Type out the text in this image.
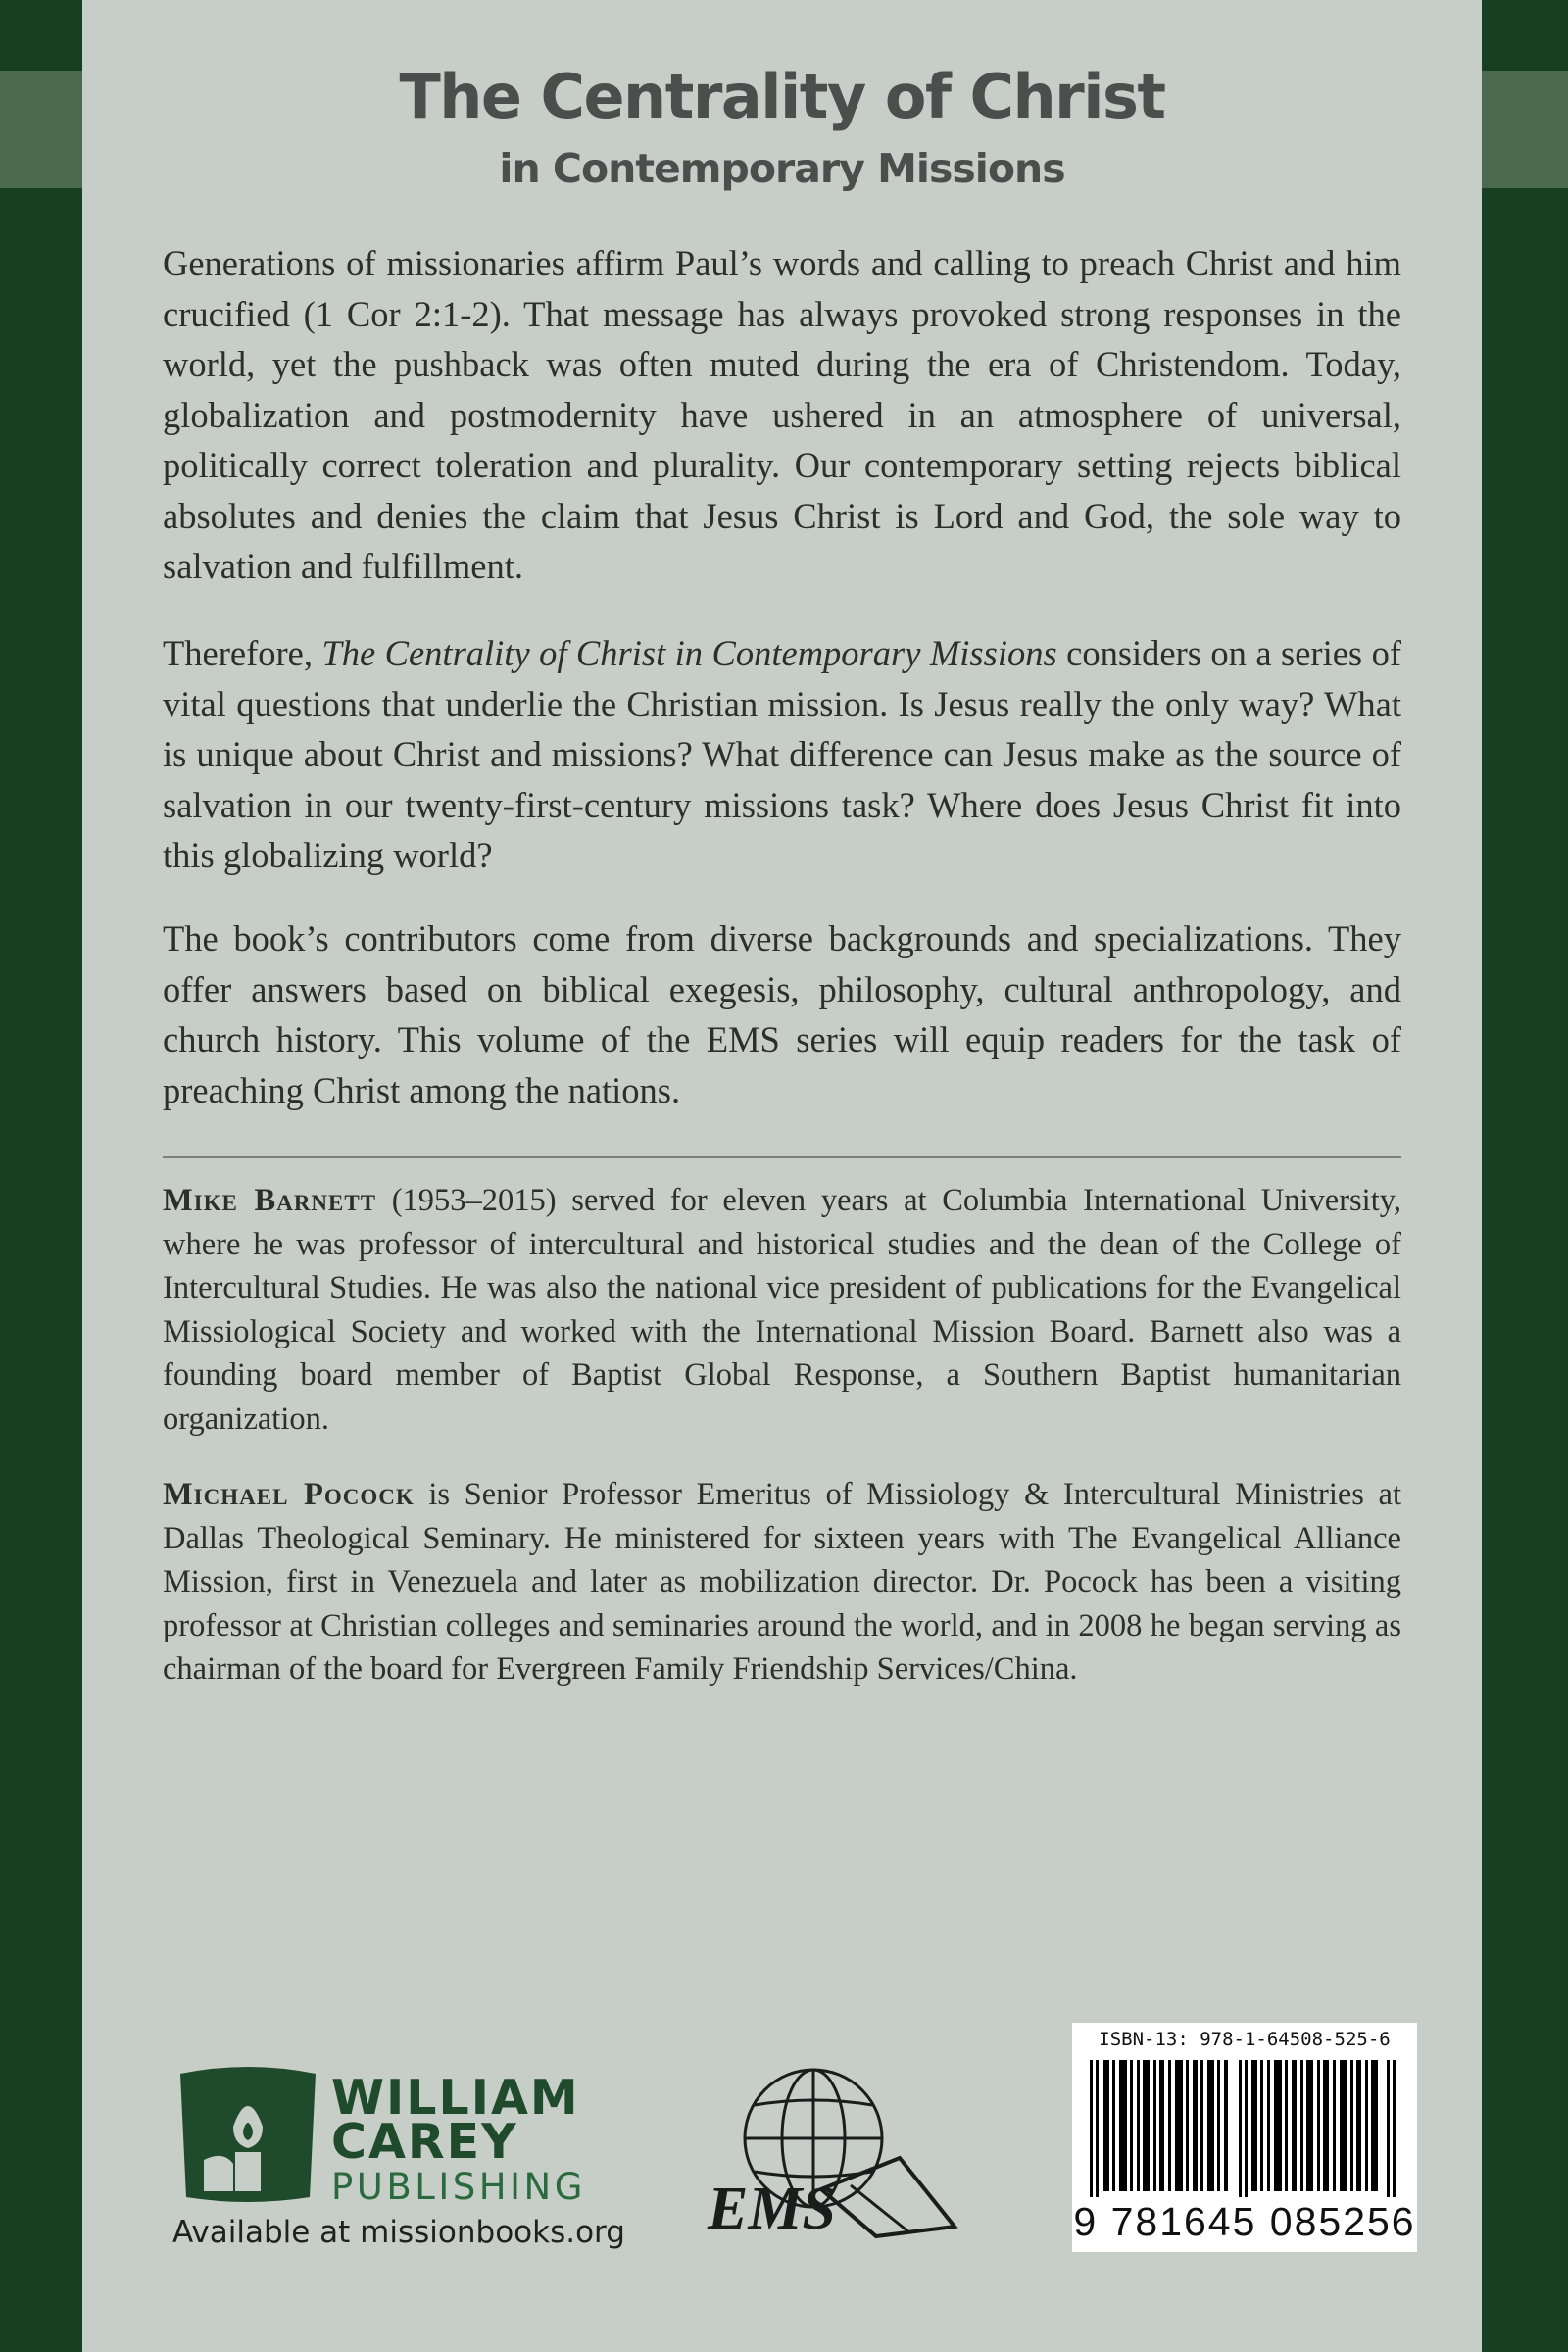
The Centrality of Christ
in Contemporary Missions

Generations of missionaries affirm Paul’s words and calling to preach Christ and him crucified (1 Cor 2:1-2). That message has always provoked strong responses in the world, yet the pushback was often muted during the era of Christendom. Today, globalization and postmodernity have ushered in an atmosphere of universal, politically correct toleration and plurality. Our contemporary setting rejects biblical absolutes and denies the claim that Jesus Christ is Lord and God, the sole way to salvation and fulfillment.

Therefore, The Centrality of Christ in Contemporary Missions considers on a series of vital questions that underlie the Christian mission. Is Jesus really the only way? What is unique about Christ and missions? What difference can Jesus make as the source of salvation in our twenty-first-century missions task? Where does Jesus Christ fit into this globalizing world?

The book’s contributors come from diverse backgrounds and specializations. They offer answers based on biblical exegesis, philosophy, cultural anthropology, and church history. This volume of the EMS series will equip readers for the task of preaching Christ among the nations.

Mike Barnett (1953–2015) served for eleven years at Columbia International University, where he was professor of intercultural and historical studies and the dean of the College of Intercultural Studies. He was also the national vice president of publications for the Evangelical Missiological Society and worked with the International Mission Board. Barnett also was a founding board member of Baptist Global Response, a Southern Baptist humanitarian organization.

Michael Pocock is Senior Professor Emeritus of Missiology & Intercultural Ministries at Dallas Theological Seminary. He ministered for sixteen years with The Evangelical Alliance Mission, first in Venezuela and later as mobilization director. Dr. Pocock has been a visiting professor at Christian colleges and seminaries around the world, and in 2008 he began serving as chairman of the board for Evergreen Family Friendship Services/China.

WILLIAM
CAREY
PUBLISHING
Available at missionbooks.org EMS
ISBN-13: 978-1-64508-525-6
9 781645 085256
